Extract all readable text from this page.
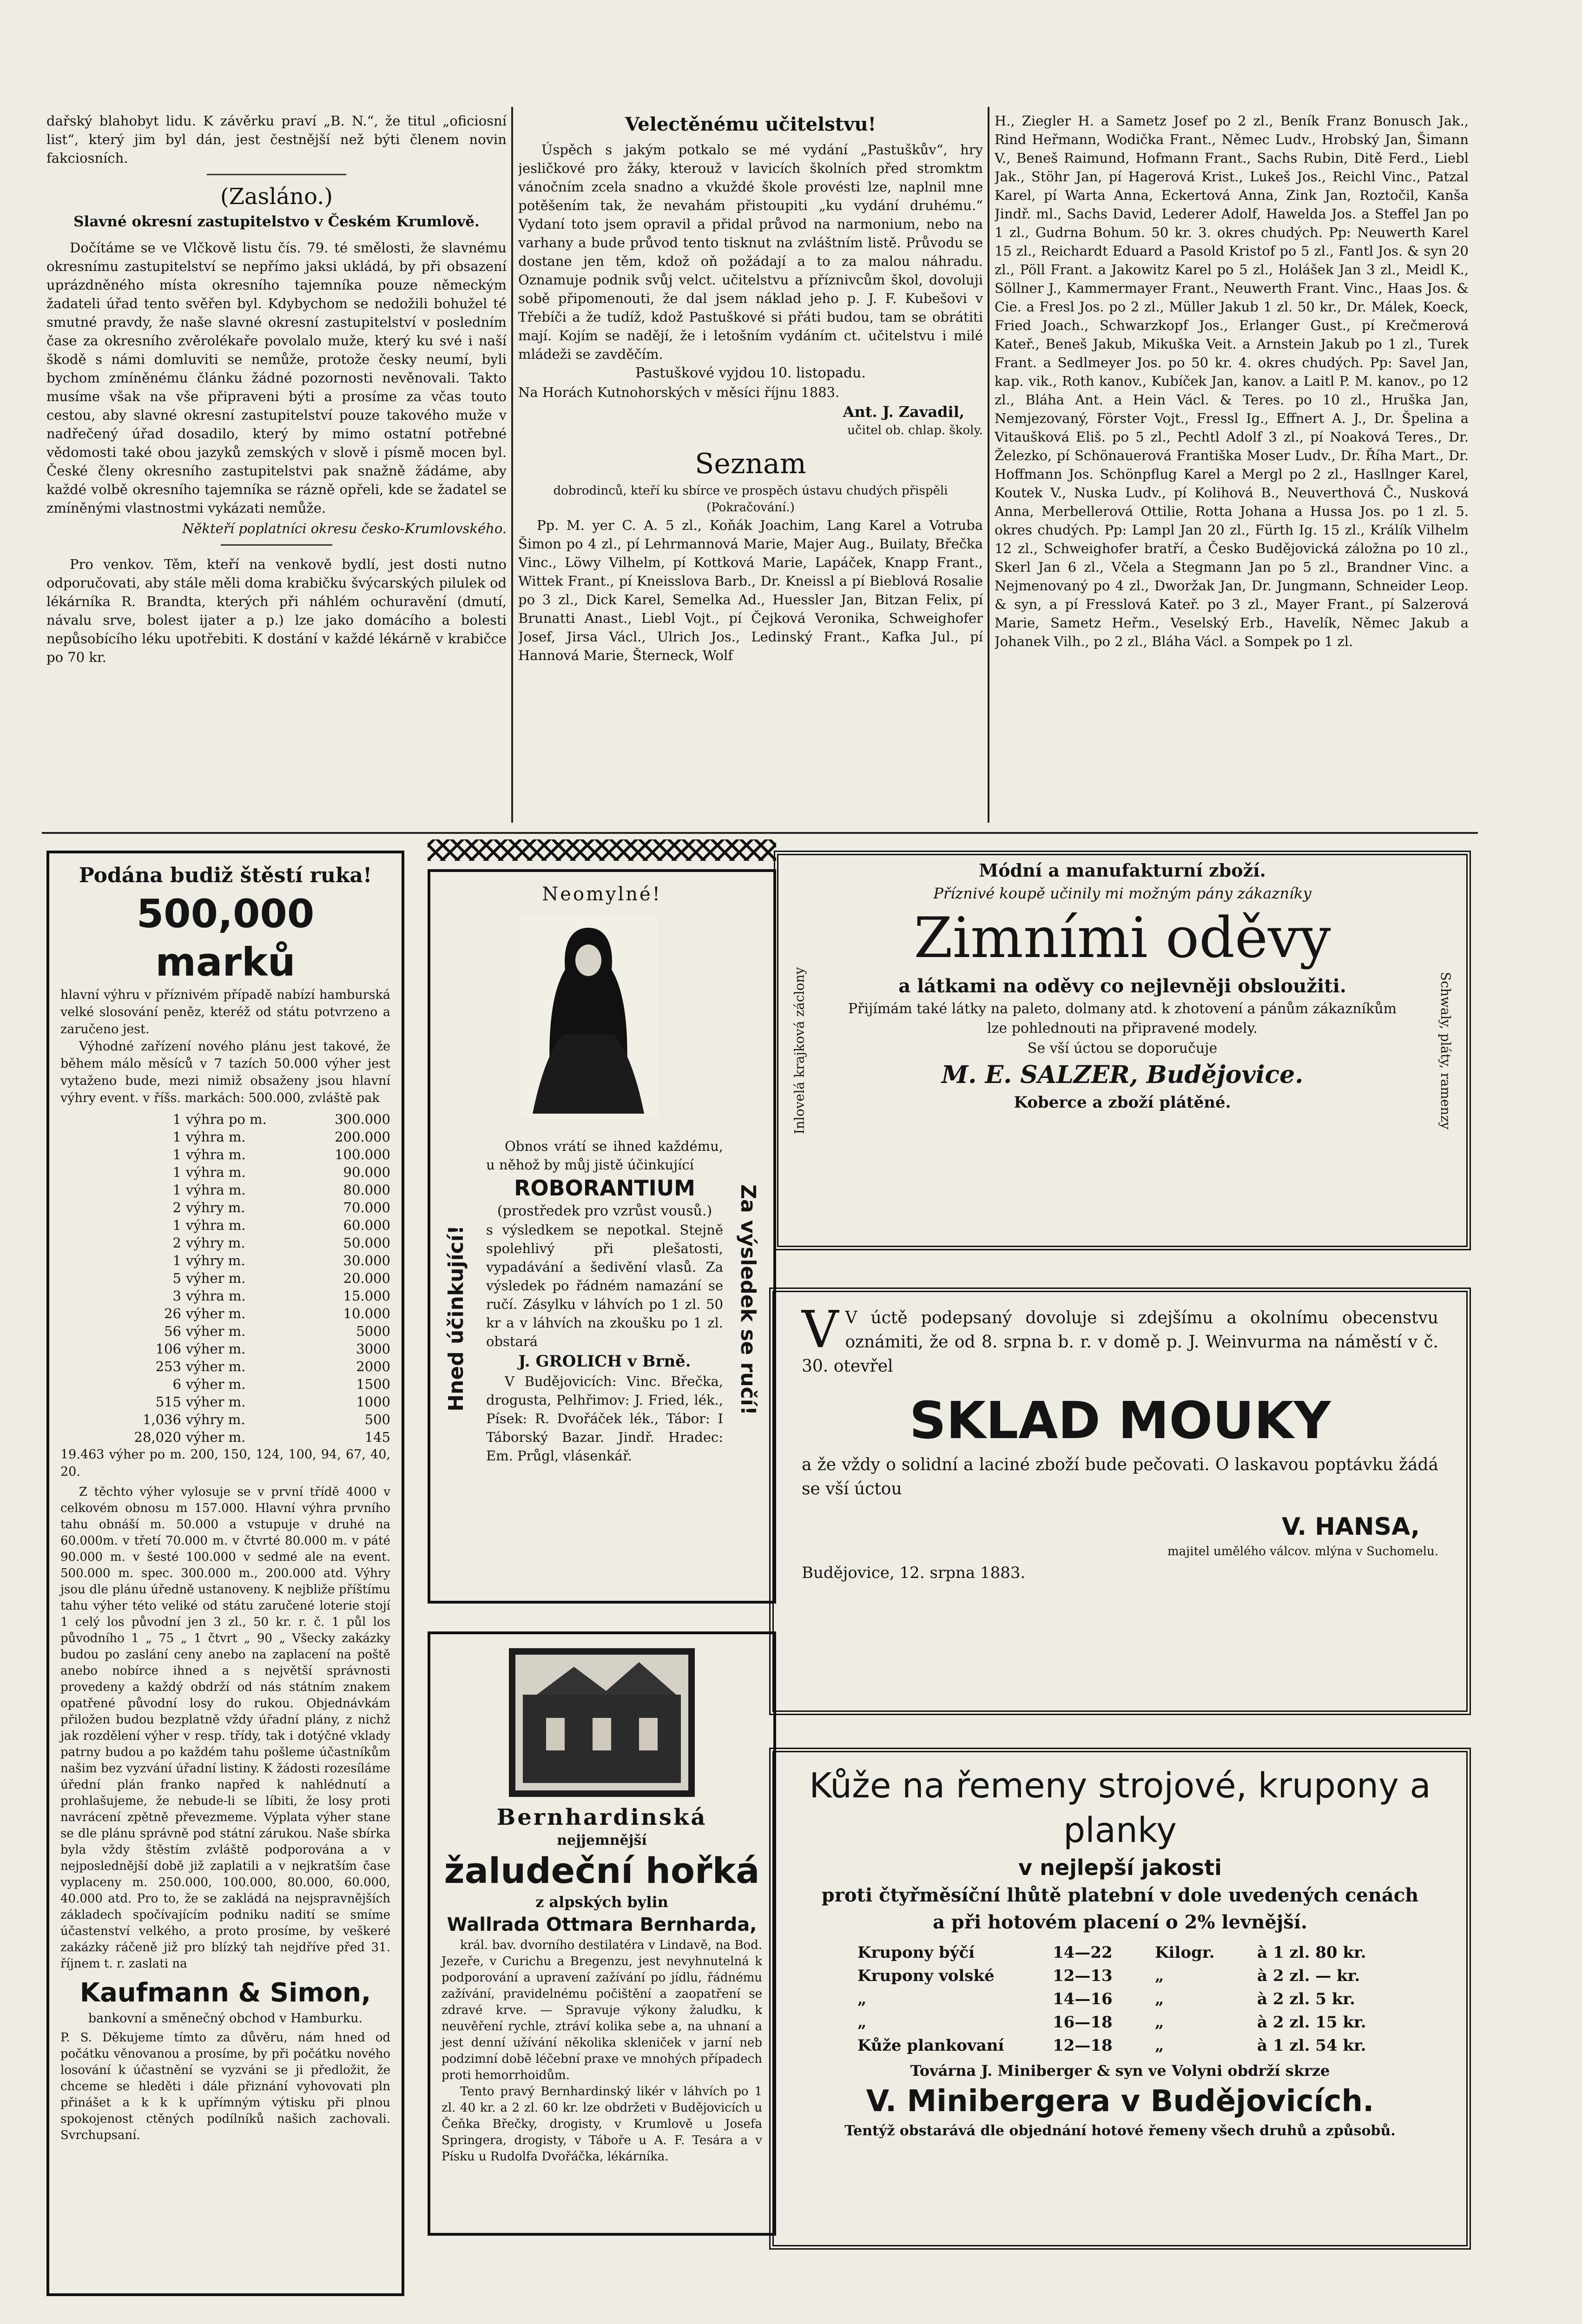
dařský blahobyt lidu. K závěrku praví „B. N.“, že titul „oficiosní list“, který jim byl dán, jest čestnější než býti členem novin fakciosních.

(Zasláno.)

Slavné okresní zastupitelstvo v Českém Krumlově.

Dočítáme se ve Vlčkově listu čís. 79. té smělosti, že slavnému okresnímu zastupitelství se nepřímo jaksi ukládá, by při obsazení uprázdněného místa okresního tajemníka pouze německým žadateli úřad tento svěřen byl. Kdybychom se nedožili bohužel té smutné pravdy, že naše slavné okresní zastupitelství v posledním čase za okresního zvěrolékaře povolalo muže, který ku své i naší škodě s námi domluviti se nemůže, protože česky neumí, byli bychom zmíněnému článku žádné pozornosti nevěnovali. Takto musíme však na vše připraveni býti a prosíme za včas touto cestou, aby slavné okresní zastupitelství pouze takového muže v nadřečený úřad dosadilo, který by mimo ostatní potřebné vědomosti také obou jazyků zemských v slově i písmě mocen byl. České členy okresního zastupitelstvi pak snažně žádáme, aby každé volbě okresního tajemníka se rázně opřeli, kde se žadatel se zmíněnými vlastnostmi vykázati nemůže.

Někteří poplatníci okresu česko-Krumlovského.

Pro venkov. Těm, kteří na venkově bydlí, jest dosti nutno odporučovati, aby stále měli doma krabičku švýcarských pilulek od lékárníka R. Brandta, kterých při náhlém ochuravění (dmutí, návalu srve, bolest ijater a p.) lze jako domácího a bolesti nepůsobícího léku upotřebiti. K dostání v každé lékárně v krabičce po 70 kr.

Velectěnému učitelstvu!

Úspěch s jakým potkalo se mé vydání „Pastuškův“, hry jesličkové pro žáky, kterouž v lavicích školních před stromktm vánočním zcela snadno a vkuždé škole provésti lze, naplnil mne potěšením tak, že nevahám přistoupiti „ku vydání druhému.“ Vydaní toto jsem opravil a přidal průvod na narmonium, nebo na varhany a bude průvod tento tisknut na zvláštním listě. Průvodu se dostane jen těm, kdož oň požádají a to za malou náhradu. Oznamuje podnik svůj velct. učitelstvu a příznivcům škol, dovoluji sobě připomenouti, že dal jsem náklad jeho p. J. F. Kubešovi v Třebíči a že tudíž, kdož Pastuškové si přáti budou, tam se obrátiti mají. Kojím se nadějí, že i letošním vydáním ct. učitelstvu i milé mládeži se zavděčím.

Pastuškové vyjdou 10. listopadu.

Na Horách Kutnohorských v měsíci říjnu 1883.

Ant. J. Zavadil,

učitel ob. chlap. školy.

Seznam

dobrodinců, kteří ku sbírce ve prospěch ústavu chudých přispěli

(Pokračování.)

Pp. M. yer C. A. 5 zl., Koňák Joachim, Lang Karel a Votruba Šimon po 4 zl., pí Lehrmannová Marie, Majer Aug., Builaty, Břečka Vinc., Löwy Vilhelm, pí Kottková Marie, Lapáček, Knapp Frant., Wittek Frant., pí Kneisslova Barb., Dr. Kneissl a pí Bieblová Rosalie po 3 zl., Dick Karel, Semelka Ad., Huessler Jan, Bitzan Felix, pí Brunatti Anast., Liebl Vojt., pí Čejková Veronika, Schweighofer Josef, Jirsa Václ., Ulrich Jos., Ledinský Frant., Kafka Jul., pí Hannová Marie, Šterneck, Wolf

H., Ziegler H. a Sametz Josef po 2 zl., Beník Franz Bonusch Jak., Rind Heřmann, Wodička Frant., Němec Ludv., Hrobský Jan, Šimann V., Beneš Raimund, Hofmann Frant., Sachs Rubin, Ditě Ferd., Liebl Jak., Stöhr Jan, pí Hagerová Krist., Lukeš Jos., Reichl Vinc., Patzal Karel, pí Warta Anna, Eckertová Anna, Zink Jan, Roztočil, Kanša Jindř. ml., Sachs David, Lederer Adolf, Hawelda Jos. a Steffel Jan po 1 zl., Gudrna Bohum. 50 kr. 3. okres chudých. Pp: Neuwerth Karel 15 zl., Reichardt Eduard a Pasold Kristof po 5 zl., Fantl Jos. & syn 20 zl., Pöll Frant. a Jakowitz Karel po 5 zl., Holášek Jan 3 zl., Meidl K., Söllner J., Kammermayer Frant., Neuwerth Frant. Vinc., Haas Jos. & Cie. a Fresl Jos. po 2 zl., Müller Jakub 1 zl. 50 kr., Dr. Málek, Koeck, Fried Joach., Schwarzkopf Jos., Erlanger Gust., pí Krečmerová Kateř., Beneš Jakub, Mikuška Veit. a Arnstein Jakub po 1 zl., Turek Frant. a Sedlmeyer Jos. po 50 kr. 4. okres chudých. Pp: Savel Jan, kap. vik., Roth kanov., Kubíček Jan, kanov. a Laitl P. M. kanov., po 12 zl., Bláha Ant. a Hein Václ. & Teres. po 10 zl., Hruška Jan, Nemjezovaný, Förster Vojt., Fressl Ig., Effnert A. J., Dr. Špelina a Vitaušková Eliš. po 5 zl., Pechtl Adolf 3 zl., pí Noaková Teres., Dr. Železko, pí Schönauerová Františka Moser Ludv., Dr. Říha Mart., Dr. Hoffmann Jos. Schönpflug Karel a Mergl po 2 zl., Hasllnger Karel, Koutek V., Nuska Ludv., pí Kolihová B., Neuverthová Č., Nusková Anna, Merbellerová Ottilie, Rotta Johana a Hussa Jos. po 1 zl. 5. okres chudých. Pp: Lampl Jan 20 zl., Fürth Ig. 15 zl., Králík Vilhelm 12 zl., Schweighofer bratří, a Česko Budějovická záložna po 10 zl., Skerl Jan 6 zl., Včela a Stegmann Jan po 5 zl., Brandner Vinc. a Nejmenovaný po 4 zl., Dworžak Jan, Dr. Jungmann, Schneider Leop. & syn, a pí Fresslová Kateř. po 3 zl., Mayer Frant., pí Salzerová Marie, Sametz Heřm., Veselský Erb., Havelík, Němec Jakub a Johanek Vilh., po 2 zl., Bláha Václ. a Sompek po 1 zl.

Podána budiž štěstí ruka!

500,000 marků

hlavní výhru v příznivém případě nabízí hamburská velké slosování peněz, kteréž od státu potvrzeno a zaručeno jest.

Výhodné zařízení nového plánu jest takové, že během málo měsíců v 7 tazích 50.000 výher jest vytaženo bude, mezi nimiž obsaženy jsou hlavní výhry event. v říšs. markách: 500.000, zvláště pak

1 výhra po m.	300.000
1 výhra m.	200.000
1 výhra m.	100.000
1 výhra m.	90.000
1 výhra m.	80.000
2 výhry m.	70.000
1 výhra m.	60.000
2 výhry m.	50.000
1 výhry m.	30.000
5 výher m.	20.000
3 výhra m.	15.000
26 výher m.	10.000
56 výher m.	5000
106 výher m.	3000
253 výher m.	2000
6 výher m.	1500
515 výher m.	1000
1,036 výhry m.	500
28,020 výher m.	145

19.463 výher po m. 200, 150, 124, 100, 94, 67, 40, 20.

Z těchto výher vylosuje se v první třídě 4000 v celkovém obnosu m 157.000. Hlavní výhra prvního tahu obnáší m. 50.000 a vstupuje v druhé na 60.000m. v třetí 70.000 m. v čtvrté 80.000 m. v páté 90.000 m. v šesté 100.000 v sedmé ale na event. 500.000 m. spec. 300.000 m., 200.000 atd. Výhry jsou dle plánu úředně ustanoveny. K nejbliže příštímu tahu výher této veliké od státu zaručené loterie stojí 1 celý los původní jen 3 zl., 50 kr. r. č. 1 půl los původního 1 „ 75 „ 1 čtvrt „ 90 „ Všecky zakázky budou po zaslání ceny anebo na zaplacení na poště anebo nobírce ihned a s největší správnosti provedeny a každý obdrží od nás státním znakem opatřené původní losy do rukou. Objednávkám přiložen budou bezplatně vždy úřadní plány, z nichž jak rozdělení výher v resp. třídy, tak i dotýčné vklady patrny budou a po každém tahu pošleme účastníkům našim bez vyzvání úřadní listiny. K žádosti rozesíláme úřední plán franko napřed k nahlédnutí a prohlašujeme, že nebude-li se líbiti, že losy proti navrácení zpětně převezmeme. Výplata výher stane se dle plánu správně pod státní zárukou. Naše sbírka byla vždy štěstím zvláště podporována a v nejposlednější době již zaplatili a v nejkratším čase vyplaceny m. 250.000, 100.000, 80.000, 60.000, 40.000 atd. Pro to, že se zakládá na nejspravnějších základech spočívajícím podniku nadití se smíme účastenství velkého, a proto prosíme, by veškeré zakázky ráčeně již pro blízký tah nejdříve před 31. říjnem t. r. zaslati na

Kaufmann & Simon,

bankovní a směnečný obchod v Hamburku.

P. S. Děkujeme tímto za důvěru, nám hned od počátku věnovanou a prosíme, by při počátku nového losování k účastnění se vyzváni se ji předložit, že chceme se hleděti i dále přiznání vyhovovati pln přinášet a k k k upřímným výtisku při plnou spokojenost ctěných podílníků našich zachovali. Svrchupsaní.

Neomylné!

Hned účinkující!	Za výsledek se ručí!

Obnos vrátí se ihned každému, u něhož by můj jistě účinkující

ROBORANTIUM

(prostředek pro vzrůst vousů.)

s výsledkem se nepotkal. Stejně spolehlivý při plešatosti, vypadávání a šedivění vlasů. Za výsledek po řádném namazání se ručí. Zásylku v láhvích po 1 zl. 50 kr a v láhvích na zkoušku po 1 zl. obstará

J. GROLICH v Brně.

V Budějovicích: Vinc. Břečka, drogusta, Pelhřimov: J. Fried, lék., Písek: R. Dvořáček lék., Tábor: I Táborský Bazar. Jindř. Hradec: Em. Průgl, vlásenkář.

Bernhardinská

nejjemnější

žaludeční hořká

z alpských bylin

Wallrada Ottmara Bernharda,

král. bav. dvorního destilatéra v Lindavě, na Bod. Jezeře, v Curichu a Bregenzu, jest nevyhnutelná k podporování a upravení zažívání po jídlu, řádnému zažívání, pravidelnému počištění a zaopatření se zdravé krve. — Spravuje výkony žaludku, k neuvěření rychle, ztráví kolika sebe a, na uhnaní a jest denní užívání několika skleniček v jarní neb podzimní době léčební praxe ve mnohých případech proti hemorrhoidům.

Tento pravý Bernhardinský likér v láhvích po 1 zl. 40 kr. a 2 zl. 60 kr. lze obdržeti v Budějovicích u Čeňka Břečky, drogisty, v Krumlově u Josefa Springera, drogisty, v Táboře u A. F. Tesára a v Písku u Rudolfa Dvořáčka, lékárníka.

Módní a manufakturní zboží.

Příznivé koupě učinily mi možným pány zákazníky

Zimními oděvy

a látkami na oděvy co nejlevněji obsloužiti.

Přijímám také látky na paleto, dolmany atd. k zhotovení a pánům zákazníkům lze pohlednouti na připravené modely.

Se vší úctou se doporučuje

M. E. SALZER, Budějovice.

Koberce a zboží plátěné.

Inlovelá krajková záclony	Schwaly, pláty, ramenzy

V V úctě podepsaný dovoluje si zdejšímu a okolnímu obecenstvu oznámiti, že od 8. srpna b. r. v domě p. J. Weinvurma na náměstí v č. 30. otevřel

SKLAD MOUKY

a že vždy o solidní a laciné zboží bude pečovati. O laskavou poptávku žádá se vší úctou

V. HANSA,

majitel umělého válcov. mlýna v Suchomelu.

Budějovice, 12. srpna 1883.

Kůže na řemeny strojové, krupony a planky

v nejlepší jakosti

proti čtyřměsíční lhůtě platební v dole uvedených cenách

a při hotovém placení o 2% levnější.

Krupony býčí	14—22	Kilogr.	à 1 zl. 80 kr.
Krupony volské	12—13	„	à 2 zl. — kr.
„	14—16	„	à 2 zl. 5 kr.
„	16—18	„	à 2 zl. 15 kr.
Kůže plankovaní	12—18	„	à 1 zl. 54 kr.

Továrna J. Miniberger & syn ve Volyni obdrží skrze

V. Minibergera v Budějovicích.

Tentýž obstarává dle objednání hotové řemeny všech druhů a způsobů.
